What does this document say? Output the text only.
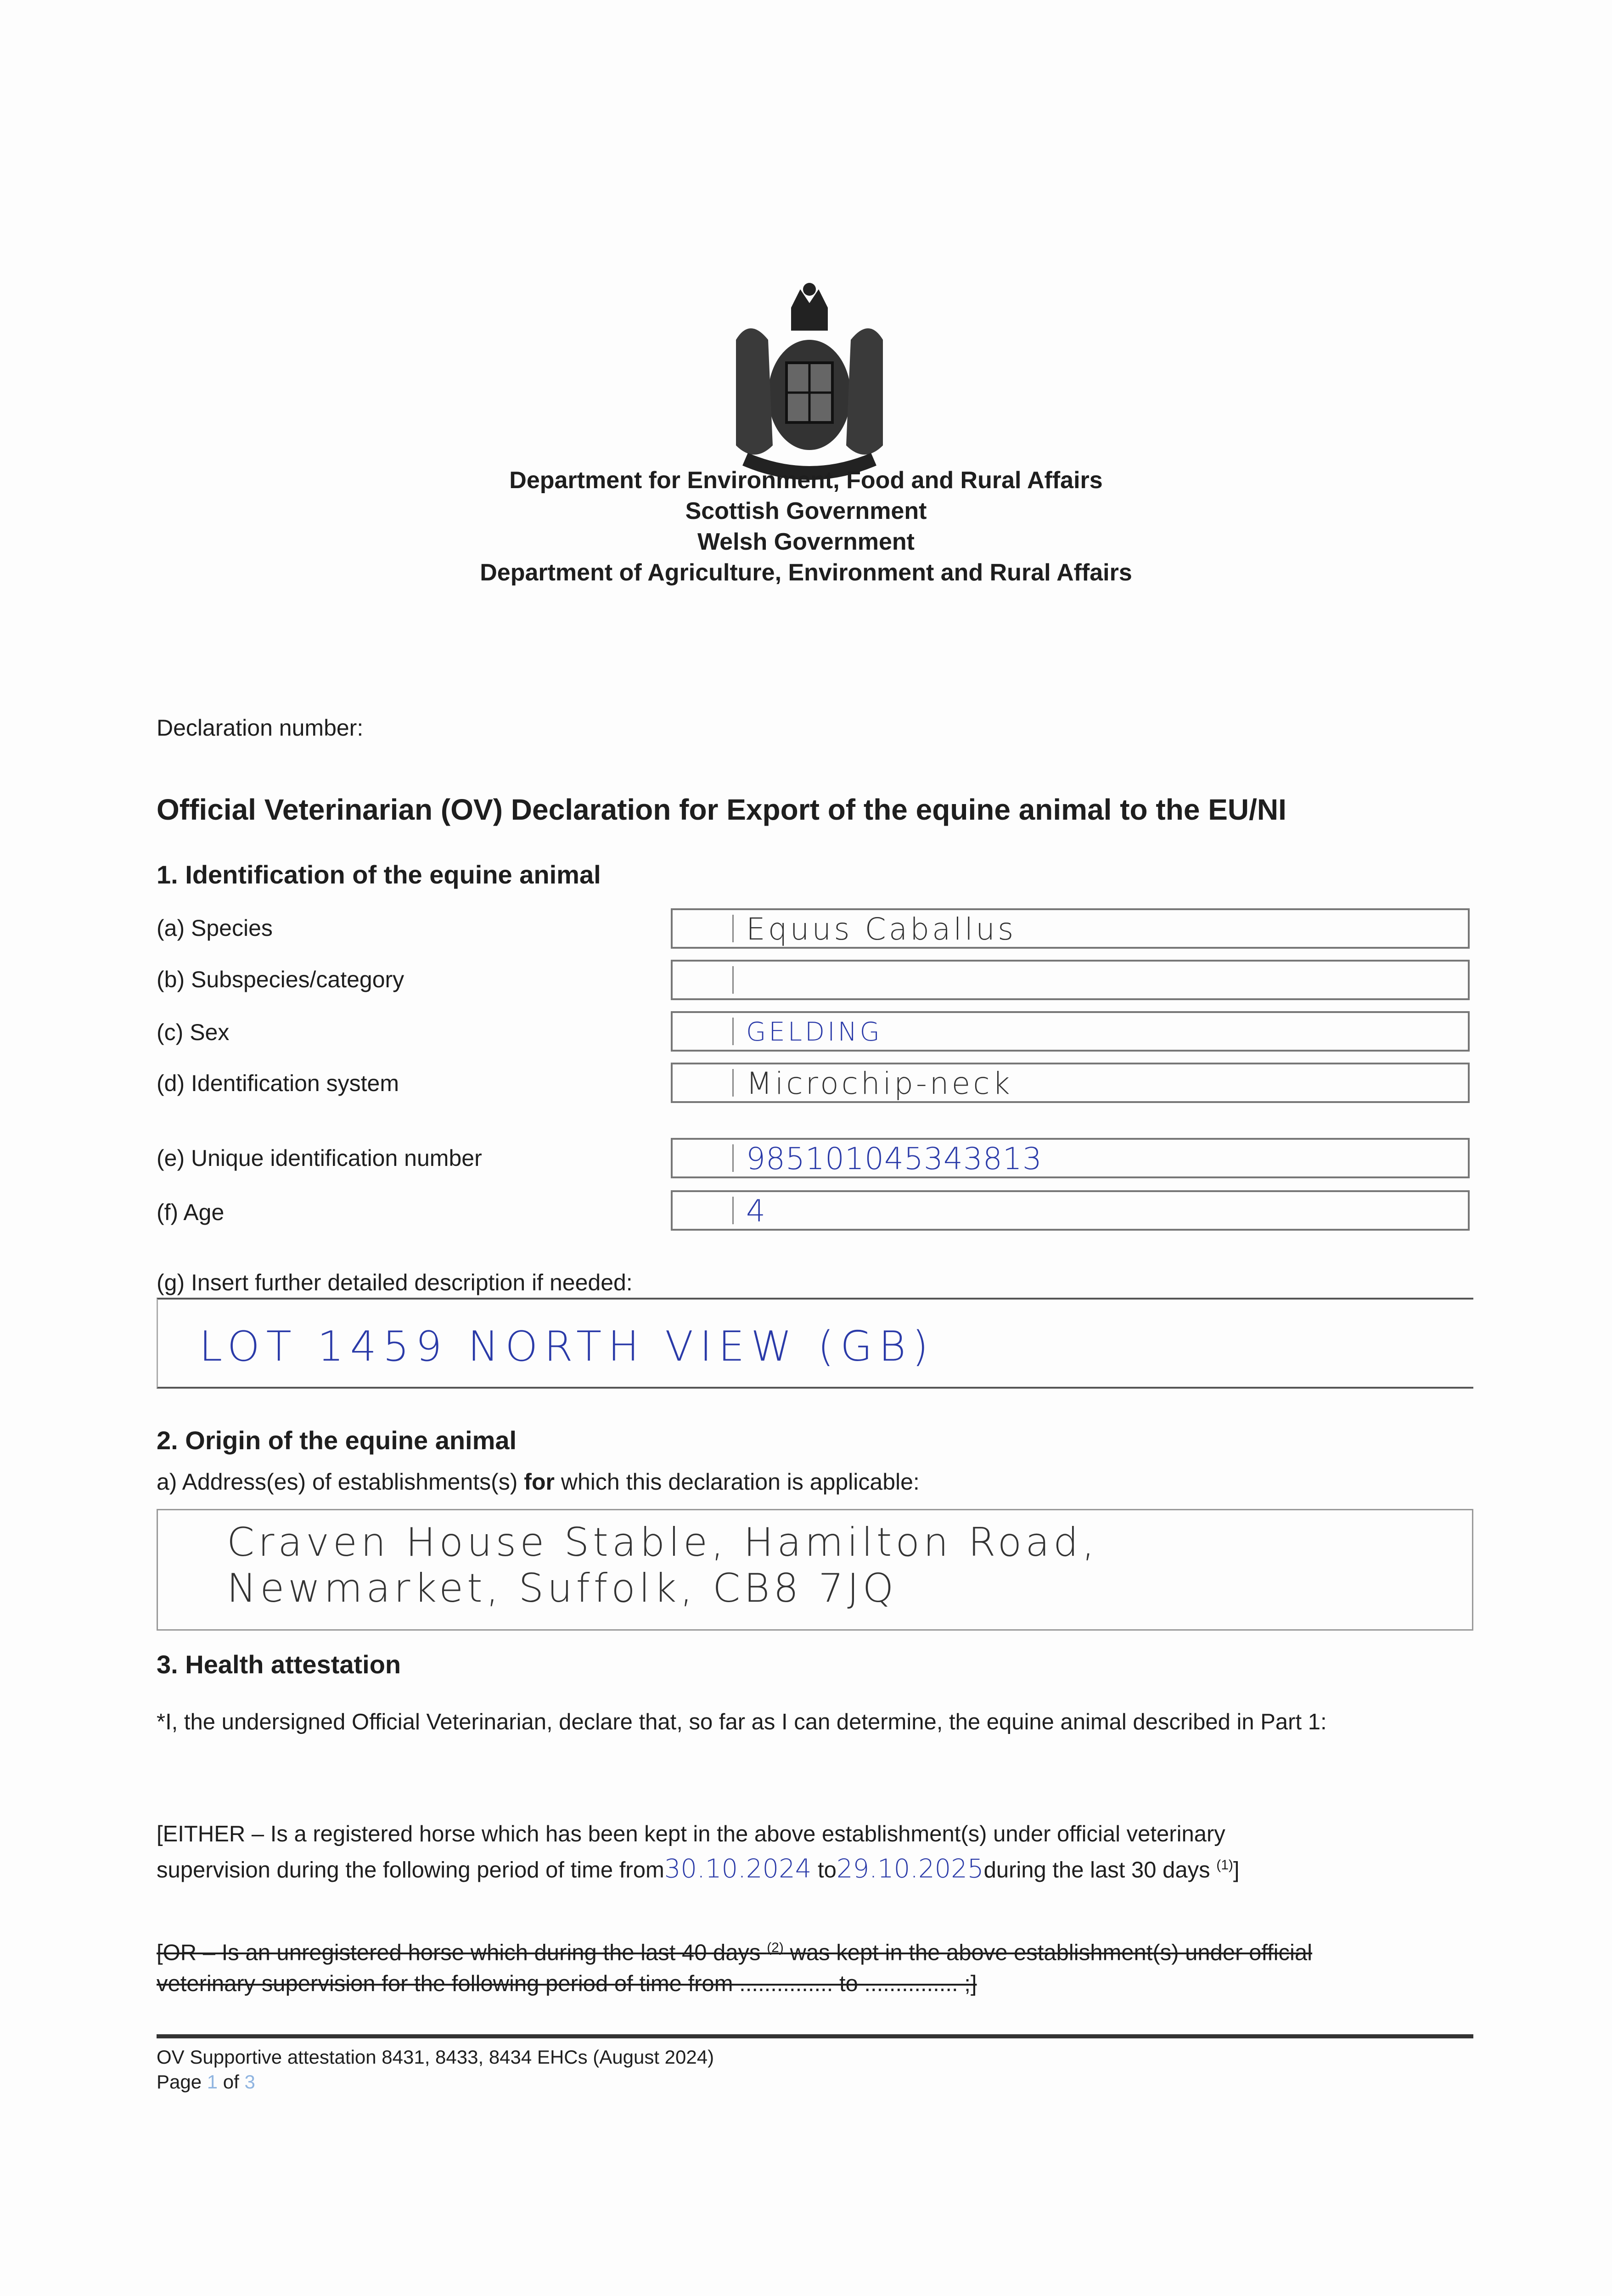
Department for Environment, Food and Rural Affairs
Scottish Government
Welsh Government
Department of Agriculture, Environment and Rural Affairs
Declaration number:
Official Veterinarian (OV) Declaration for Export of the equine animal to the EU/NI
1. Identification of the equine animal
(a) Species	Equus Caballus
(b) Subspecies/category
(c) Sex	GELDING
(d) Identification system	Microchip-neck
(e) Unique identification number	985101045343813
(f) Age	4
(g) Insert further detailed description if needed:
LOT 1459 NORTH VIEW (GB)
2. Origin of the equine animal
a) Address(es) of establishments(s) for which this declaration is applicable:
Craven House Stable, Hamilton Road,
Newmarket, Suffolk, CB8 7JQ
3. Health attestation
*I, the undersigned Official Veterinarian, declare that, so far as I can determine, the equine animal described in Part 1:
[EITHER – Is a registered horse which has been kept in the above establishment(s) under official veterinary
supervision during the following period of time from30.10.2024 to29.10.2025during the last 30 days $^{(1)}$]
[OR – Is an unregistered horse which during the last 40 days $^{(2)}$ was kept in the above establishment(s) under official
veterinary supervision for the following period of time from ............... to ............... ;]
OV Supportive attestation 8431, 8433, 8434 EHCs (August 2024)
Page 1 of 3
